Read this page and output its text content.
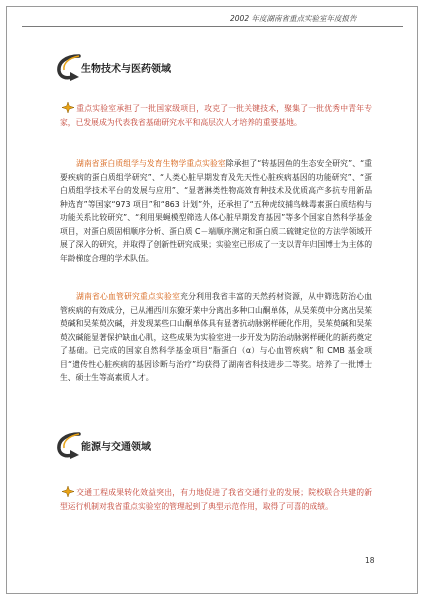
2002 年度湖南省重点实验室年度报告
生物技术与医药领域
重点实验室承担了一批国家级项目，攻克了一批关键技术，聚集了一批优秀中青年专家，已发展成为代表我省基础研究水平和高层次人才培养的重要基地。
湖南省蛋白质组学与发育生物学重点实验室除承担了“转基因鱼的生态安全研究”、“重要疾病的蛋白质组学研究”、“人类心脏早期发育及先天性心脏疾病基因的功能研究”、“蛋白质组学技术平台的发展与应用”、“显著淋类性物高效育种技术及优质高产多抗专用新品种选育”等国家“973 项目”和“863 计划”外，还承担了“五种虎纹捕鸟蛛毒素蛋白质结构与功能关系比较研究”、“利用果蝇模型筛选人体心脏早期发育基因”等多个国家自然科学基金项目，对蛋白质固相顺序分析、蛋白质 C－端顺序测定和蛋白质二硫键定位的方法学领域开展了深入的研究，并取得了创新性研究成果；实验室已形成了一支以青年归国博士为主体的年龄梯度合理的学术队伍。
湖南省心血管研究重点实验室充分利用我省丰富的天然药材资源，从中筛选防治心血管疾病的有效成分，已从湘西川东獠牙莱中分离出多种口山酮单体，从吴茱萸中分离出吴茱萸碱和吴茱萸次碱，并发现某些口山酮单体具有显著抗动脉粥样硬化作用，吴茱萸碱和吴茱萸次碱能显著保护缺血心肌，这些成果为实验室进一步开发为防治动脉粥样硬化的新药奠定了基础。已完成的国家自然科学基金项目“脂蛋白（α）与心血管疾病” 和 CMB 基金项目“遗传性心脏疾病的基因诊断与治疗”均获得了湖南省科技进步二等奖。培养了一批博士生、硕士生等高素质人才。
能源与交通领域
交通工程成果转化效益突出，有力地促进了我省交通行业的发展；院校联合共建的新型运行机制对我省重点实验室的管理起到了典型示范作用，取得了可喜的成绩。
18
